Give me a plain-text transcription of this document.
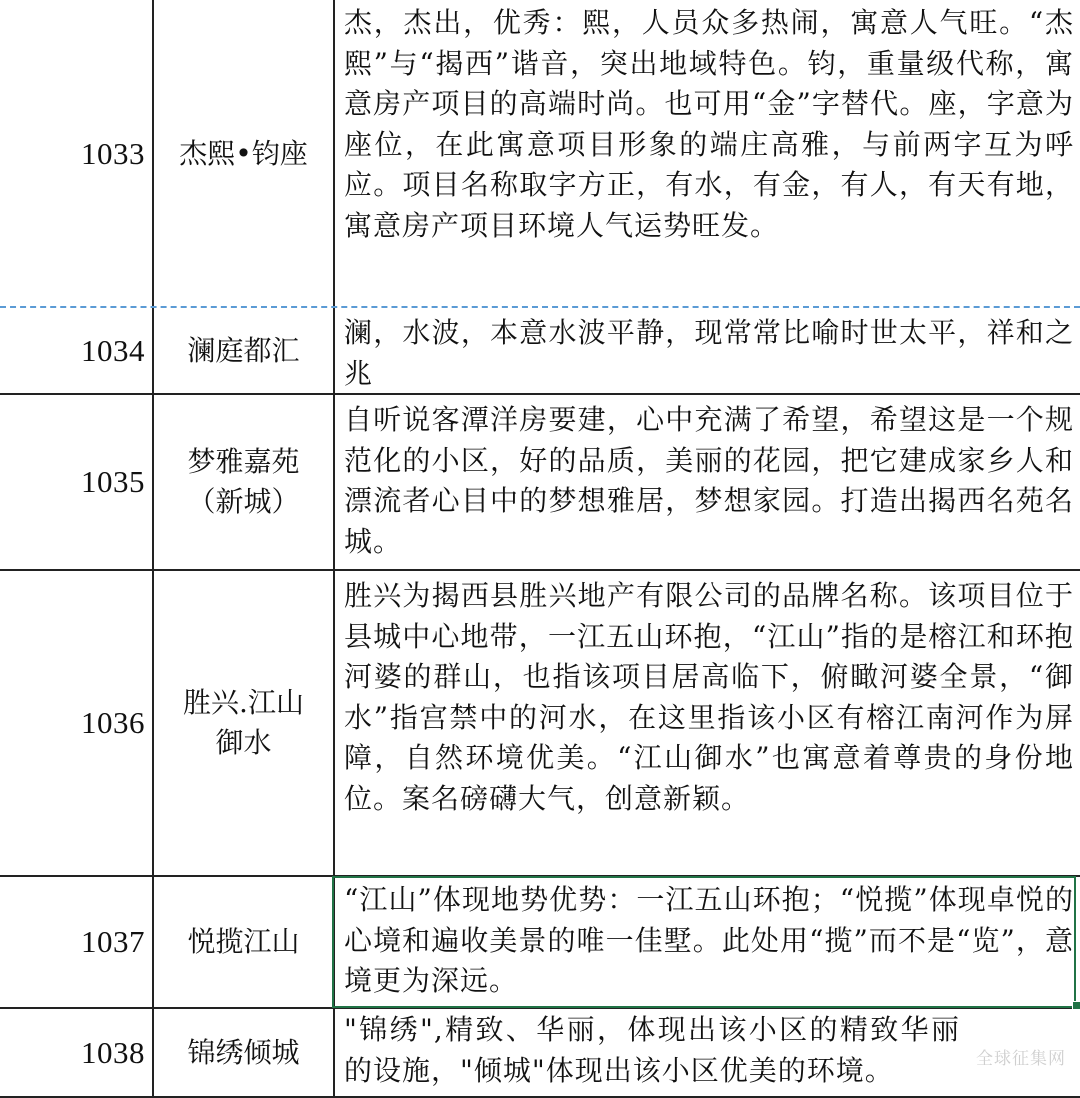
1033	杰熙•钧座
杰，杰出，优秀：熙，人员众多热闹，寓意人气旺。“杰熙”与“揭西”谐音，突出地域特色。钧，重量级代称，寓意房产项目的高端时尚。也可用“金”字替代。座，字意为座位，在此寓意项目形象的端庄高雅，与前两字互为呼应。项目名称取字方正，有水，有金，有人，有天有地，寓意房产项目环境人气运势旺发。
1034	澜庭都汇
澜，水波，本意水波平静，现常常比喻时世太平，祥和之兆
1035
梦雅嘉苑（新城）
自听说客潭洋房要建，心中充满了希望，希望这是一个规范化的小区，好的品质，美丽的花园，把它建成家乡人和漂流者心目中的梦想雅居，梦想家园。打造出揭西名苑名城。
1036
胜兴.江山御水
胜兴为揭西县胜兴地产有限公司的品牌名称。该项目位于县城中心地带，一江五山环抱，“江山”指的是榕江和环抱河婆的群山，也指该项目居高临下，俯瞰河婆全景，“御水”指宫禁中的河水，在这里指该小区有榕江南河作为屏障，自然环境优美。“江山御水”也寓意着尊贵的身份地位。案名磅礴大气，创意新颖。
1037	悦揽江山
“江山”体现地势优势：一江五山环抱；“悦揽”体现卓悦的心境和遍收美景的唯一佳墅。此处用“揽”而不是“览”，意境更为深远。
1038	锦绣倾城
"锦绣",精致、华丽，体现出该小区的精致华丽的设施，"倾城"体现出该小区优美的环境。	全球征集网
